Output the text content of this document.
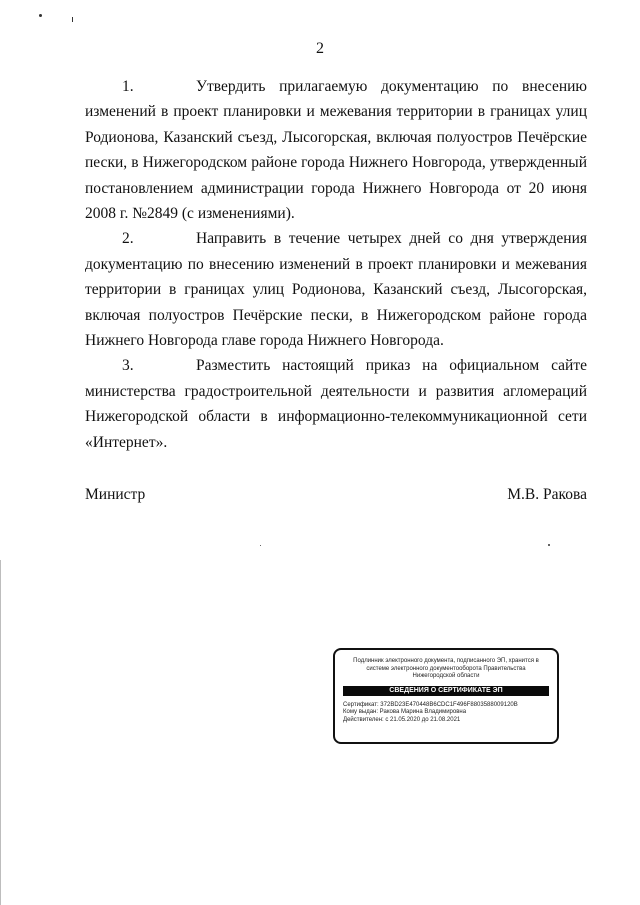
2

1.	Утвердить прилагаемую документацию по внесению изменений в проект планировки и межевания территории в границах улиц Родионова, Казанский съезд, Лысогорская, включая полуостров Печёрские пески, в Нижегородском районе города Нижнего Новгорода, утвержденный постановлением администрации города Нижнего Новгорода от 20 июня 2008 г. №2849 (с изменениями).

2.	Направить в течение четырех дней со дня утверждения документацию по внесению изменений в проект планировки и межевания территории в границах улиц Родионова, Казанский съезд, Лысогорская, включая полуостров Печёрские пески, в Нижегородском районе города Нижнего Новгорода главе города Нижнего Новгорода.

3.	Разместить настоящий приказ на официальном сайте министерства градостроительной деятельности и развития агломераций Нижегородской области в информационно-телекоммуникационной сети «Интернет».

Министр	М.В. Ракова
Подлинник электронного документа, подписанного ЭП, хранится в системе электронного документооборота Правительства Нижегородской области
СВЕДЕНИЯ О СЕРТИФИКАТЕ ЭП
Сертификат: 372BD23E470448B6CDC1F496F8803588009120B
Кому выдан: Ракова Марина Владимировна
Действителен: с 21.05.2020 до 21.08.2021
